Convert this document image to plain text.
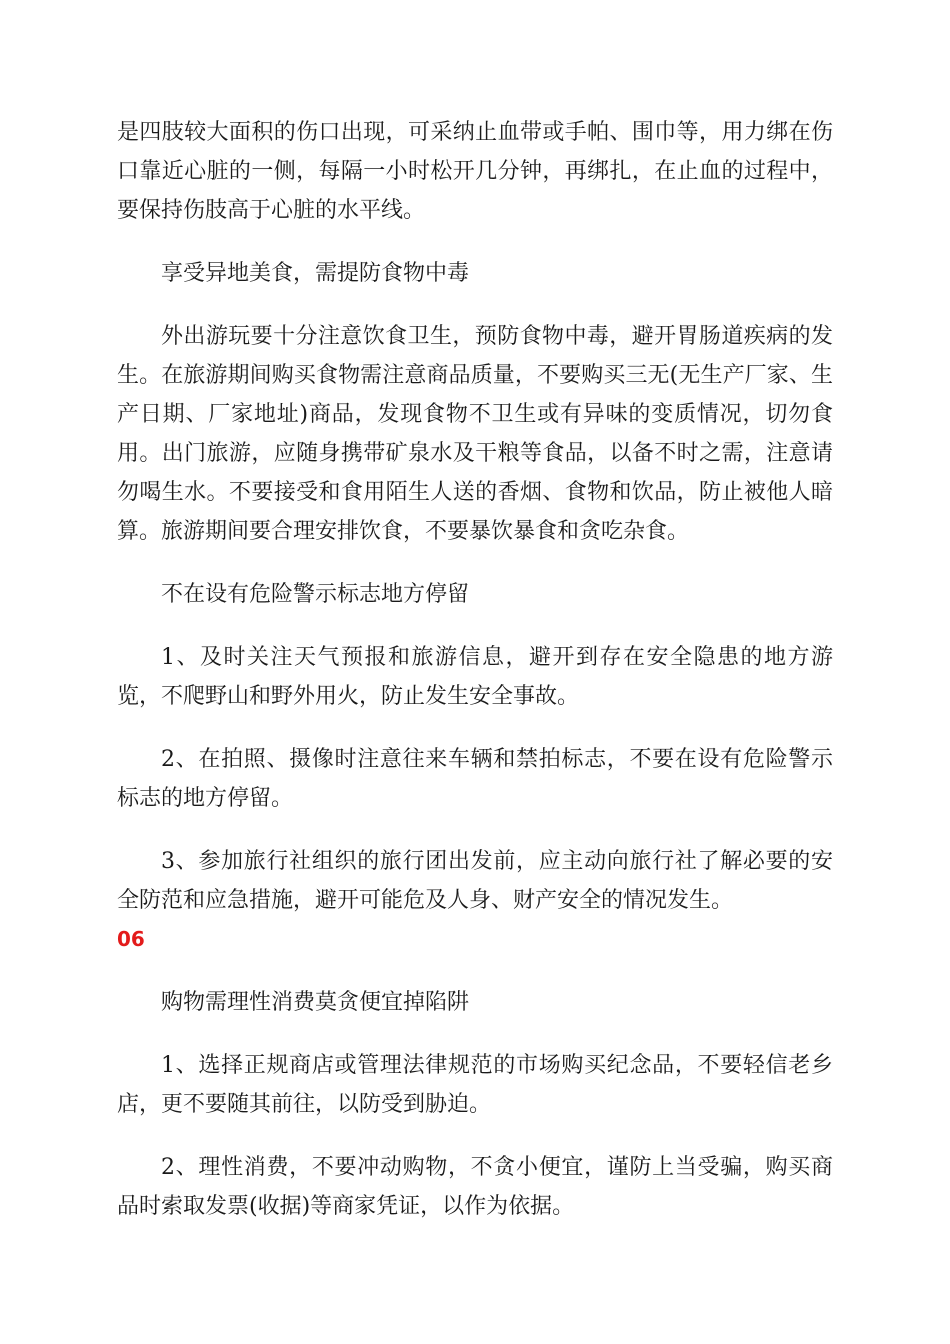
是四肢较大面积的伤口出现，可采纳止血带或手帕、围巾等，用力绑在伤口靠近心脏的一侧，每隔一小时松开几分钟，再绑扎，在止血的过程中，要保持伤肢高于心脏的水平线。

享受异地美食，需提防食物中毒

外出游玩要十分注意饮食卫生，预防食物中毒，避开胃肠道疾病的发生。在旅游期间购买食物需注意商品质量，不要购买三无(无生产厂家、生产日期、厂家地址)商品，发现食物不卫生或有异味的变质情况，切勿食用。出门旅游，应随身携带矿泉水及干粮等食品，以备不时之需，注意请勿喝生水。不要接受和食用陌生人送的香烟、食物和饮品，防止被他人暗算。旅游期间要合理安排饮食，不要暴饮暴食和贪吃杂食。

不在设有危险警示标志地方停留

1、及时关注天气预报和旅游信息，避开到存在安全隐患的地方游览，不爬野山和野外用火，防止发生安全事故。

2、在拍照、摄像时注意往来车辆和禁拍标志，不要在设有危险警示标志的地方停留。

3、参加旅行社组织的旅行团出发前，应主动向旅行社了解必要的安全防范和应急措施，避开可能危及人身、财产安全的情况发生。

06

购物需理性消费莫贪便宜掉陷阱

1、选择正规商店或管理法律规范的市场购买纪念品，不要轻信老乡店，更不要随其前往，以防受到胁迫。

2、理性消费，不要冲动购物，不贪小便宜，谨防上当受骗，购买商品时索取发票(收据)等商家凭证，以作为依据。
